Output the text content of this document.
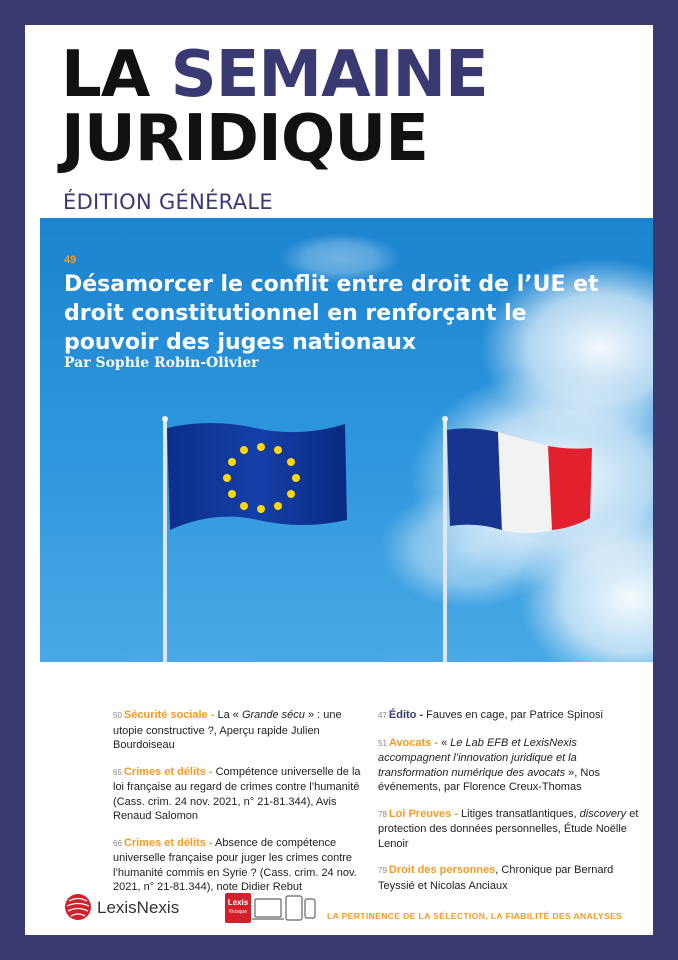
LA SEMAINE
JURIDIQUE
ÉDITION GÉNÉRALE
50 Sécurité sociale - La « Grande sécu » : une utopie constructive ?, Aperçu rapide Julien Bourdoiseau
65 Crimes et délits - Compétence universelle de la loi française au regard de crimes contre l’humanité (Cass. crim. 24 nov. 2021, n° 21-81.344), Avis Renaud Salomon
66 Crimes et délits - Absence de compétence universelle française pour juger les crimes contre l’humanité commis en Syrie ? (Cass. crim. 24 nov. 2021, n° 21-81.344), note Didier Rebut
47 Édito - Fauves en cage, par Patrice Spinosi
51 Avocats - « Le Lab EFB et LexisNexis accompagnent l’innovation juridique et la transformation numérique des avocats », Nos événements, par Florence Creux-Thomas
78 Loi Preuves - Litiges transatlantiques, discovery et protection des données personnelles, Étude Noëlle Lenoir
79 Droit des personnes, Chronique par Bernard Teyssié et Nicolas Anciaux
LexisNexis	Lexis
Kiosque	LA PERTINENCE DE LA SÉLECTION, LA FIABILITÉ DES ANALYSES
49
Désamorcer le conflit entre droit de l’UE et droit constitutionnel en renforçant le pouvoir des juges nationaux
Par Sophie Robin-Olivier
